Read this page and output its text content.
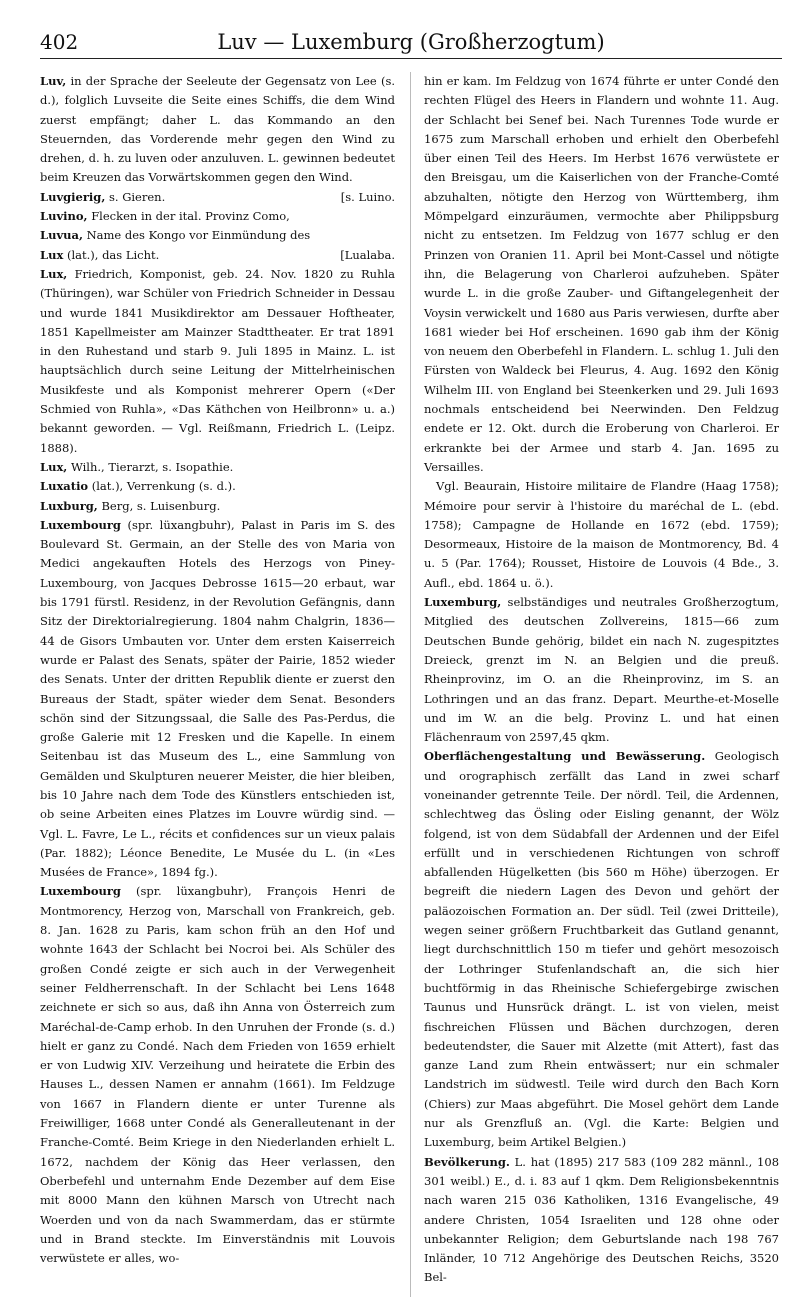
402	Luv — Luxemburg (Großherzogtum)

Luv, in der Sprache der Seeleute der Gegensatz von Lee (s. d.), folglich Luvseite die Seite eines Schiffs, die dem Wind zuerst empfängt; daher L. das Kommando an den Steuernden, das Vorderende mehr gegen den Wind zu drehen, d. h. zu luven oder anzuluven. L. gewinnen bedeutet beim Kreuzen das Vorwärtskommen gegen den Wind.

Luvgierig, s. Gieren.	[s. Luino.

Luvino, Flecken in der ital. Provinz Como,

Luvua, Name des Kongo vor Einmündung des

Lux (lat.), das Licht.	[Lualaba.

Lux, Friedrich, Komponist, geb. 24. Nov. 1820 zu Ruhla (Thüringen), war Schüler von Friedrich Schneider in Dessau und wurde 1841 Musikdirektor am Dessauer Hoftheater, 1851 Kapellmeister am Mainzer Stadttheater. Er trat 1891 in den Ruhestand und starb 9. Juli 1895 in Mainz. L. ist hauptsächlich durch seine Leitung der Mittelrheinischen Musikfeste und als Komponist mehrerer Opern («Der Schmied von Ruhla», «Das Käthchen von Heilbronn» u. a.) bekannt geworden. — Vgl. Reißmann, Friedrich L. (Leipz. 1888).

Lux, Wilh., Tierarzt, s. Isopathie.

Luxatio (lat.), Verrenkung (s. d.).

Luxburg, Berg, s. Luisenburg.

Luxembourg (spr. lüxangbuhr), Palast in Paris im S. des Boulevard St. Germain, an der Stelle des von Maria von Medici angekauften Hotels des Herzogs von Piney-Luxembourg, von Jacques Debrosse 1615—20 erbaut, war bis 1791 fürstl. Residenz, in der Revolution Gefängnis, dann Sitz der Direktorialregierung. 1804 nahm Chalgrin, 1836—44 de Gisors Umbauten vor. Unter dem ersten Kaiserreich wurde er Palast des Senats, später der Pairie, 1852 wieder des Senats. Unter der dritten Republik diente er zuerst den Bureaus der Stadt, später wieder dem Senat. Besonders schön sind der Sitzungssaal, die Salle des Pas-Perdus, die große Galerie mit 12 Fresken und die Kapelle. In einem Seitenbau ist das Museum des L., eine Sammlung von Gemälden und Skulpturen neuerer Meister, die hier bleiben, bis 10 Jahre nach dem Tode des Künstlers entschieden ist, ob seine Arbeiten eines Platzes im Louvre würdig sind. — Vgl. L. Favre, Le L., récits et confidences sur un vieux palais (Par. 1882); Léonce Benedite, Le Musée du L. (in «Les Musées de France», 1894 fg.).

Luxembourg (spr. lüxangbuhr), François Henri de Montmorency, Herzog von, Marschall von Frankreich, geb. 8. Jan. 1628 zu Paris, kam schon früh an den Hof und wohnte 1643 der Schlacht bei Nocroi bei. Als Schüler des großen Condé zeigte er sich auch in der Verwegenheit seiner Feldherrenschaft. In der Schlacht bei Lens 1648 zeichnete er sich so aus, daß ihn Anna von Österreich zum Maréchal-de-Camp erhob. In den Unruhen der Fronde (s. d.) hielt er ganz zu Condé. Nach dem Frieden von 1659 erhielt er von Ludwig XIV. Verzeihung und heiratete die Erbin des Hauses L., dessen Namen er annahm (1661). Im Feldzuge von 1667 in Flandern diente er unter Turenne als Freiwilliger, 1668 unter Condé als Generalleutenant in der Franche-Comté. Beim Kriege in den Niederlanden erhielt L. 1672, nachdem der König das Heer verlassen, den Oberbefehl und unternahm Ende Dezember auf dem Eise mit 8000 Mann den kühnen Marsch von Utrecht nach Woerden und von da nach Swammerdam, das er stürmte und in Brand steckte. Im Einverständnis mit Louvois verwüstete er alles, wo-

hin er kam. Im Feldzug von 1674 führte er unter Condé den rechten Flügel des Heers in Flandern und wohnte 11. Aug. der Schlacht bei Senef bei. Nach Turennes Tode wurde er 1675 zum Marschall erhoben und erhielt den Oberbefehl über einen Teil des Heers. Im Herbst 1676 verwüstete er den Breisgau, um die Kaiserlichen von der Franche-Comté abzuhalten, nötigte den Herzog von Württemberg, ihm Mömpelgard einzuräumen, vermochte aber Philippsburg nicht zu entsetzen. Im Feldzug von 1677 schlug er den Prinzen von Oranien 11. April bei Mont-Cassel und nötigte ihn, die Belagerung von Charleroi aufzuheben. Später wurde L. in die große Zauber- und Giftangelegenheit der Voysin verwickelt und 1680 aus Paris verwiesen, durfte aber 1681 wieder bei Hof erscheinen. 1690 gab ihm der König von neuem den Oberbefehl in Flandern. L. schlug 1. Juli den Fürsten von Waldeck bei Fleurus, 4. Aug. 1692 den König Wilhelm III. von England bei Steenkerken und 29. Juli 1693 nochmals entscheidend bei Neerwinden. Den Feldzug endete er 12. Okt. durch die Eroberung von Charleroi. Er erkrankte bei der Armee und starb 4. Jan. 1695 zu Versailles.

Vgl. Beaurain, Histoire militaire de Flandre (Haag 1758); Mémoire pour servir à l'histoire du maréchal de L. (ebd. 1758); Campagne de Hollande en 1672 (ebd. 1759); Desormeaux, Histoire de la maison de Montmorency, Bd. 4 u. 5 (Par. 1764); Rousset, Histoire de Louvois (4 Bde., 3. Aufl., ebd. 1864 u. ö.).

Luxemburg, selbständiges und neutrales Großherzogtum, Mitglied des deutschen Zollvereins, 1815—66 zum Deutschen Bunde gehörig, bildet ein nach N. zugespitztes Dreieck, grenzt im N. an Belgien und die preuß. Rheinprovinz, im O. an die Rheinprovinz, im S. an Lothringen und an das franz. Depart. Meurthe-et-Moselle und im W. an die belg. Provinz L. und hat einen Flächenraum von 2597,45 qkm.

Oberflächengestaltung und Bewässerung. Geologisch und orographisch zerfällt das Land in zwei scharf voneinander getrennte Teile. Der nördl. Teil, die Ardennen, schlechtweg das Ösling oder Eisling genannt, der Wölz folgend, ist von dem Südabfall der Ardennen und der Eifel erfüllt und in verschiedenen Richtungen von schroff abfallenden Hügelketten (bis 560 m Höhe) überzogen. Er begreift die niedern Lagen des Devon und gehört der paläozoischen Formation an. Der südl. Teil (zwei Dritteile), wegen seiner größern Fruchtbarkeit das Gutland genannt, liegt durchschnittlich 150 m tiefer und gehört mesozoisch der Lothringer Stufenlandschaft an, die sich hier buchtförmig in das Rheinische Schiefergebirge zwischen Taunus und Hunsrück drängt. L. ist von vielen, meist fischreichen Flüssen und Bächen durchzogen, deren bedeutendster, die Sauer mit Alzette (mit Attert), fast das ganze Land zum Rhein entwässert; nur ein schmaler Landstrich im südwestl. Teile wird durch den Bach Korn (Chiers) zur Maas abgeführt. Die Mosel gehört dem Lande nur als Grenzfluß an. (Vgl. die Karte: Belgien und Luxemburg, beim Artikel Belgien.)

Bevölkerung. L. hat (1895) 217 583 (109 282 männl., 108 301 weibl.) E., d. i. 83 auf 1 qkm. Dem Religionsbekenntnis nach waren 215 036 Katholiken, 1316 Evangelische, 49 andere Christen, 1054 Israeliten und 128 ohne oder unbekannter Religion; dem Geburtslande nach 198 767 Inländer, 10 712 Angehörige des Deutschen Reichs, 3520 Bel-
